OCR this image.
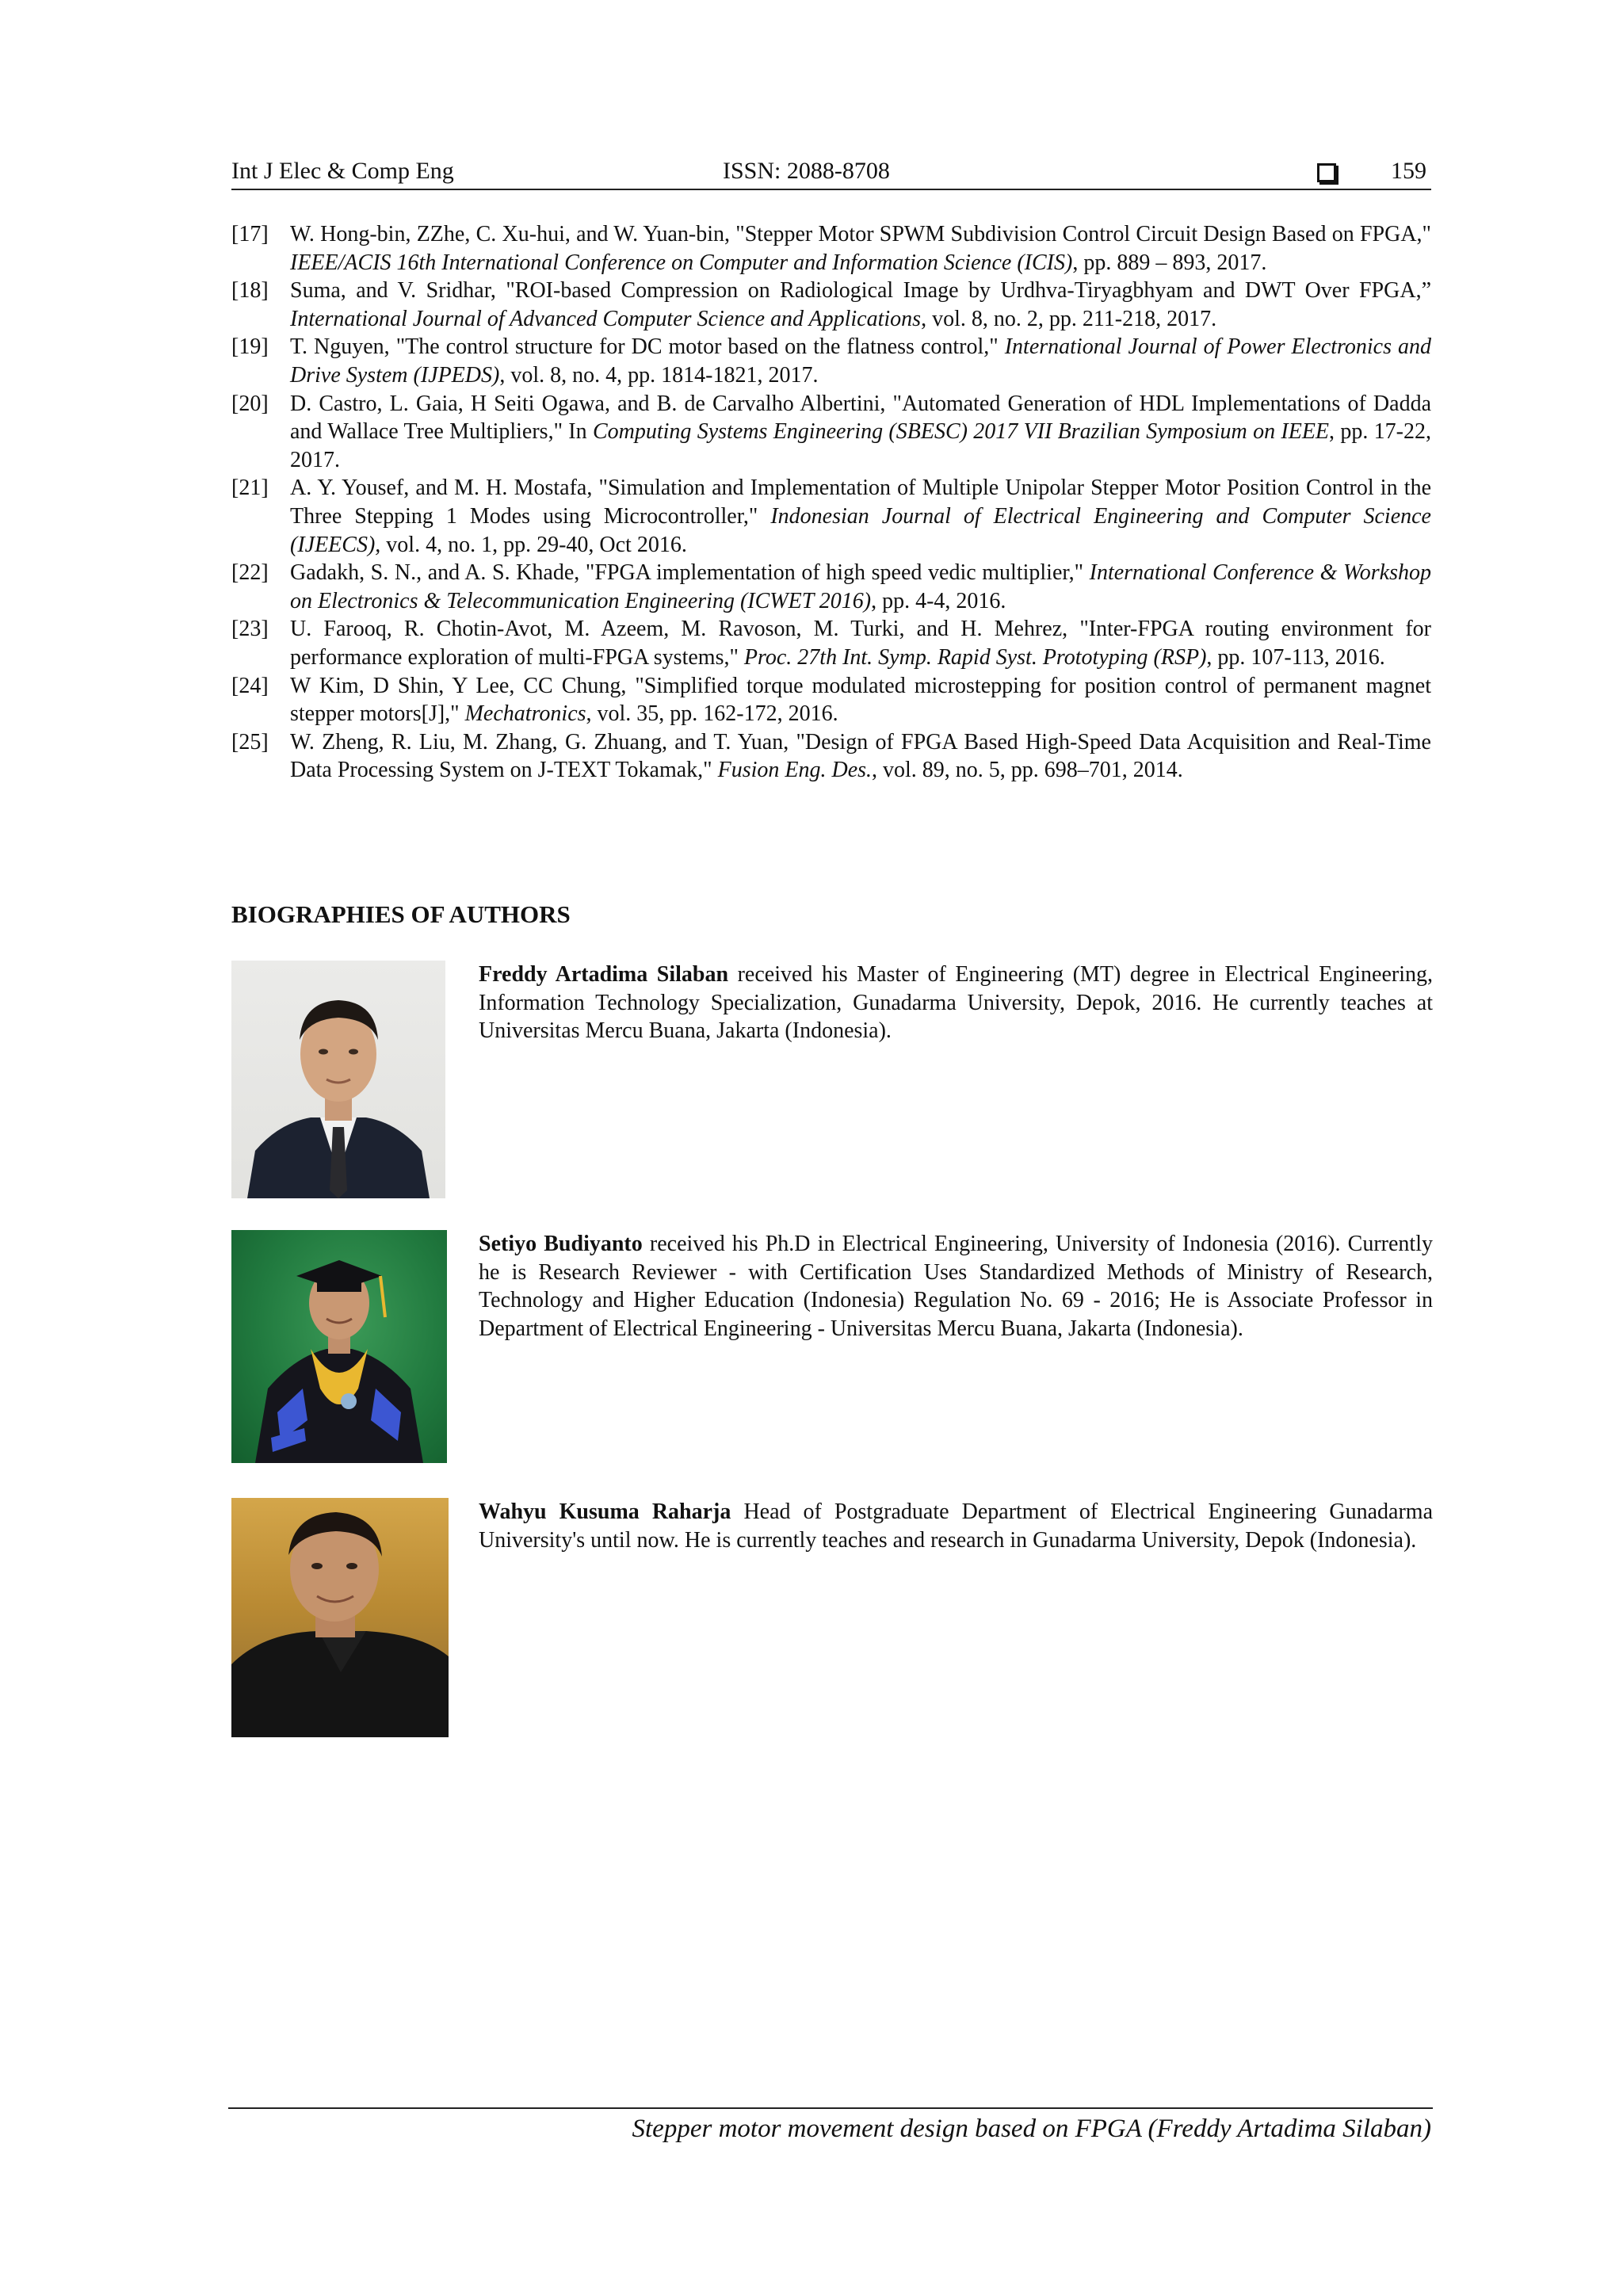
Int J Elec & Comp Eng	ISSN: 2088-8708	159
[17] W. Hong-bin, ZZhe, C. Xu-hui, and W. Yuan-bin, "Stepper Motor SPWM Subdivision Control Circuit Design Based on FPGA," IEEE/ACIS 16th International Conference on Computer and Information Science (ICIS), pp. 889 – 893, 2017.
[18] Suma, and V. Sridhar, "ROI-based Compression on Radiological Image by Urdhva-Tiryagbhyam and DWT Over FPGA,” International Journal of Advanced Computer Science and Applications, vol. 8, no. 2, pp. 211-218, 2017.
[19] T. Nguyen, "The control structure for DC motor based on the flatness control," International Journal of Power Electronics and Drive System (IJPEDS), vol. 8, no. 4, pp. 1814-1821, 2017.
[20] D. Castro, L. Gaia, H Seiti Ogawa, and B. de Carvalho Albertini, "Automated Generation of HDL Implementations of Dadda and Wallace Tree Multipliers," In Computing Systems Engineering (SBESC) 2017 VII Brazilian Symposium on IEEE, pp. 17-22, 2017.
[21] A. Y. Yousef, and M. H. Mostafa, "Simulation and Implementation of Multiple Unipolar Stepper Motor Position Control in the Three Stepping 1 Modes using Microcontroller," Indonesian Journal of Electrical Engineering and Computer Science (IJEECS), vol. 4, no. 1, pp. 29-40, Oct 2016.
[22] Gadakh, S. N., and A. S. Khade, "FPGA implementation of high speed vedic multiplier," International Conference & Workshop on Electronics & Telecommunication Engineering (ICWET 2016), pp. 4-4, 2016.
[23] U. Farooq, R. Chotin-Avot, M. Azeem, M. Ravoson, M. Turki, and H. Mehrez, "Inter-FPGA routing environment for performance exploration of multi-FPGA systems," Proc. 27th Int. Symp. Rapid Syst. Prototyping (RSP), pp. 107-113, 2016.
[24] W Kim, D Shin, Y Lee, CC Chung, "Simplified torque modulated microstepping for position control of permanent magnet stepper motors[J]," Mechatronics, vol. 35, pp. 162-172, 2016.
[25] W. Zheng, R. Liu, M. Zhang, G. Zhuang, and T. Yuan, "Design of FPGA Based High-Speed Data Acquisition and Real-Time Data Processing System on J-TEXT Tokamak," Fusion Eng. Des., vol. 89, no. 5, pp. 698–701, 2014.
BIOGRAPHIES OF AUTHORS
Freddy Artadima Silaban received his Master of Engineering (MT) degree in Electrical Engineering, Information Technology Specialization, Gunadarma University, Depok, 2016. He currently teaches at Universitas Mercu Buana, Jakarta (Indonesia).
Setiyo Budiyanto received his Ph.D in Electrical Engineering, University of Indonesia (2016). Currently he is Research Reviewer - with Certification Uses Standardized Methods of Ministry of Research, Technology and Higher Education (Indonesia) Regulation No. 69 - 2016; He is Associate Professor in Department of Electrical Engineering - Universitas Mercu Buana, Jakarta (Indonesia).
Wahyu Kusuma Raharja Head of Postgraduate Department of Electrical Engineering Gunadarma University's until now. He is currently teaches and research in Gunadarma University, Depok (Indonesia).
Stepper motor movement design based on FPGA (Freddy Artadima Silaban)
